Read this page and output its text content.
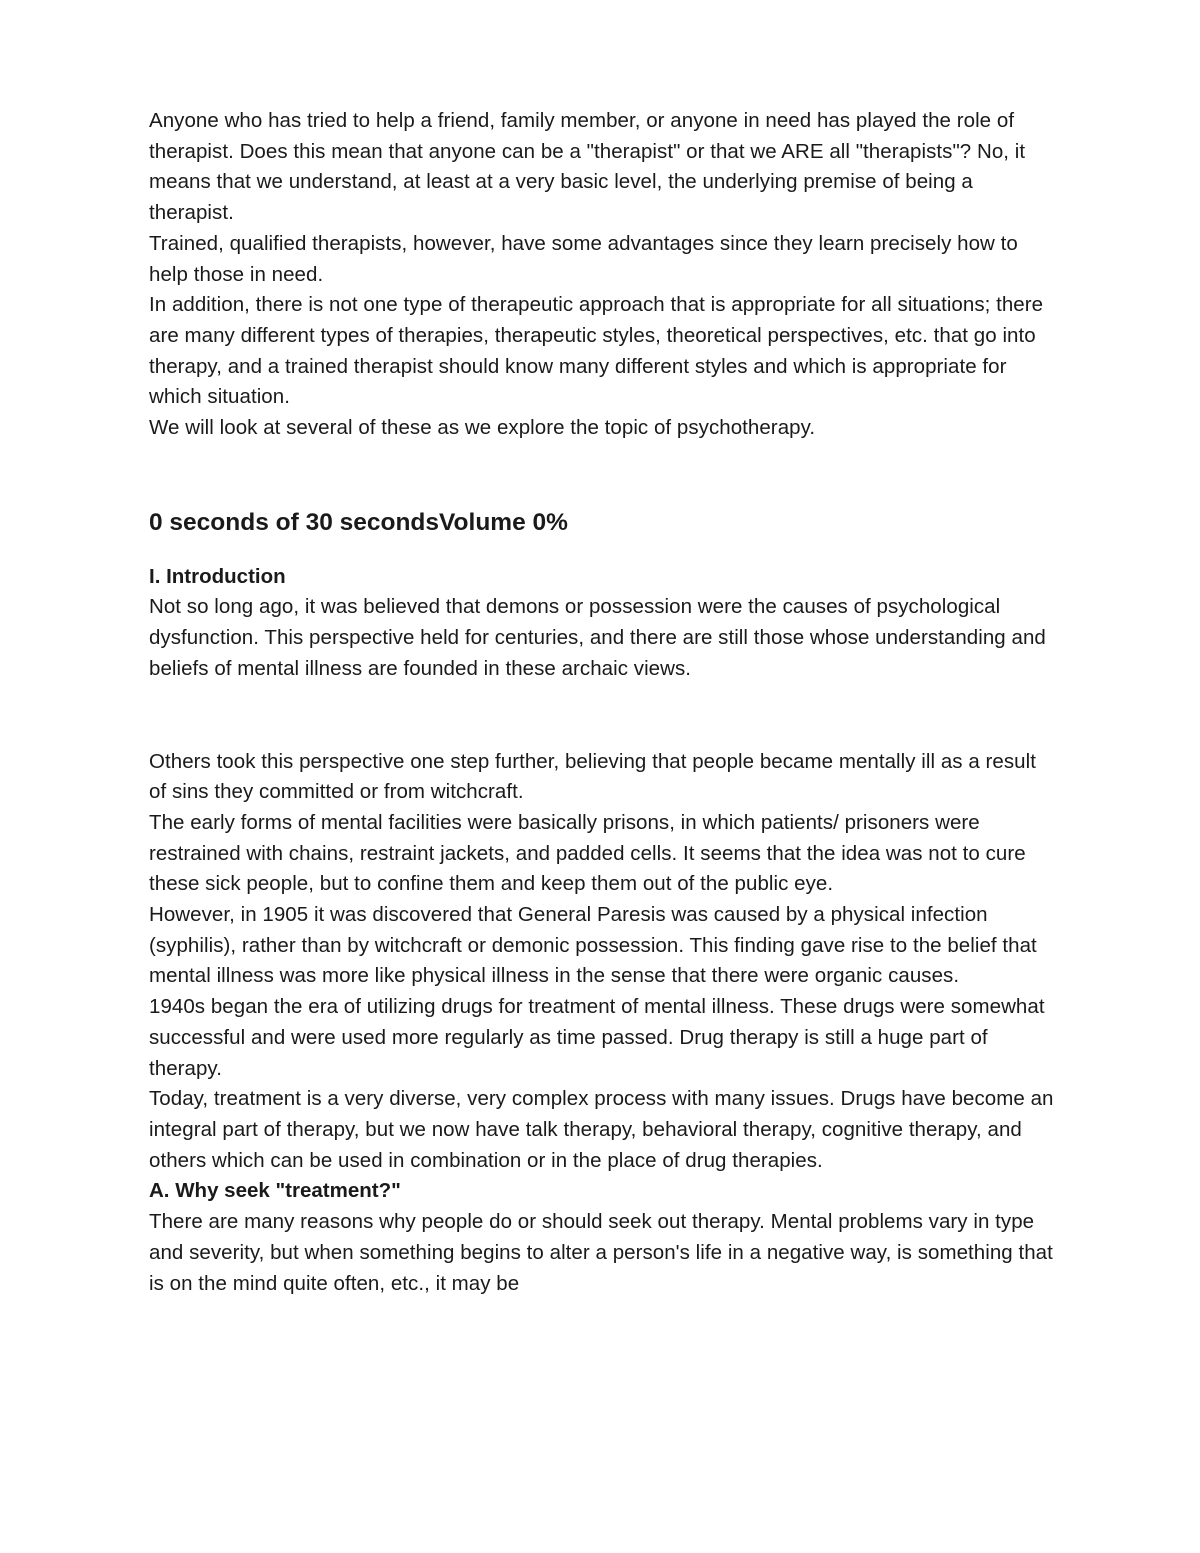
Anyone who has tried to help a friend, family member, or anyone in need has played the role of therapist. Does this mean that anyone can be a "therapist" or that we ARE all "therapists"? No, it means that we understand, at least at a very basic level, the underlying premise of being a therapist.

Trained, qualified therapists, however, have some advantages since they learn precisely how to help those in need.

In addition, there is not one type of therapeutic approach that is appropriate for all situations; there are many different types of therapies, therapeutic styles, theoretical perspectives, etc. that go into therapy, and a trained therapist should know many different styles and which is appropriate for which situation.

We will look at several of these as we explore the topic of psychotherapy.

0 seconds of 30 secondsVolume 0%

I. Introduction

Not so long ago, it was believed that demons or possession were the causes of psychological dysfunction. This perspective held for centuries, and there are still those whose understanding and beliefs of mental illness are founded in these archaic views.

Others took this perspective one step further, believing that people became mentally ill as a result of sins they committed or from witchcraft.

The early forms of mental facilities were basically prisons, in which patients/ prisoners were restrained with chains, restraint jackets, and padded cells. It seems that the idea was not to cure these sick people, but to confine them and keep them out of the public eye.

However, in 1905 it was discovered that General Paresis was caused by a physical infection (syphilis), rather than by witchcraft or demonic possession. This finding gave rise to the belief that mental illness was more like physical illness in the sense that there were organic causes.

1940s began the era of utilizing drugs for treatment of mental illness. These drugs were somewhat successful and were used more regularly as time passed. Drug therapy is still a huge part of therapy.

Today, treatment is a very diverse, very complex process with many issues. Drugs have become an integral part of therapy, but we now have talk therapy, behavioral therapy, cognitive therapy, and others which can be used in combination or in the place of drug therapies.

A. Why seek "treatment?"

There are many reasons why people do or should seek out therapy. Mental problems vary in type and severity, but when something begins to alter a person's life in a negative way, is something that is on the mind quite often, etc., it may be
